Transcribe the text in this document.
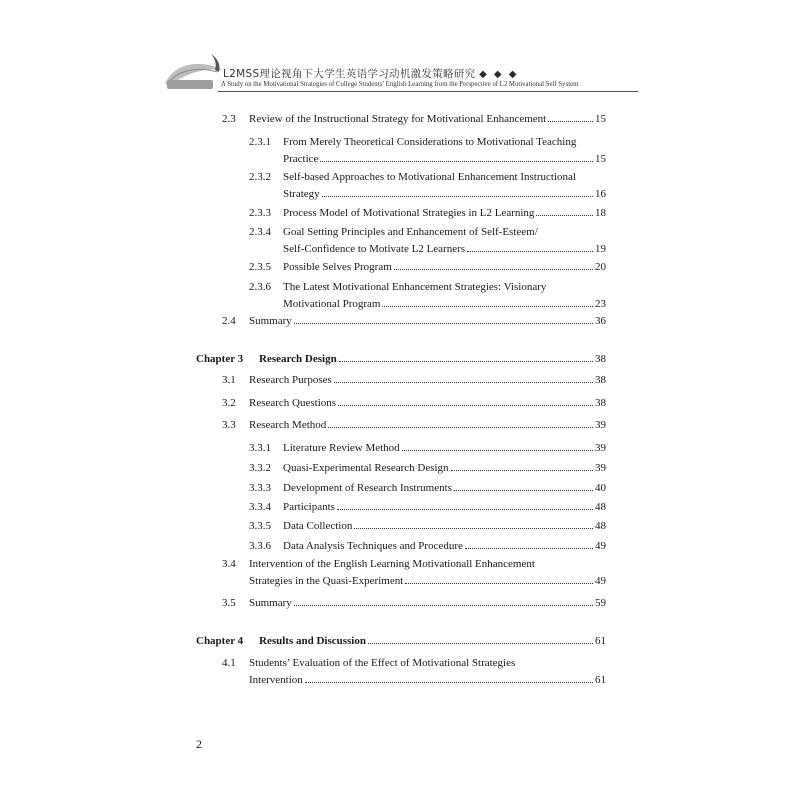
L2MSS理论视角下大学生英语学习动机激发策略研究 ◆ ◆ ◆
A Study on the Motivational Strategies of College Students’ English Learning from the Perspective of L2 Motivational Self System
2.3	Review of the Instructional Strategy for Motivational Enhancement	15
2.3.1	From Merely Theoretical Considerations to Motivational Teaching
Practice	15
2.3.2	Self-based Approaches to Motivational Enhancement Instructional
Strategy	16
2.3.3	Process Model of Motivational Strategies in L2 Learning	18
2.3.4	Goal Setting Principles and Enhancement of Self-Esteem/
Self-Confidence to Motivate L2 Learners	19
2.3.5	Possible Selves Program	20
2.3.6	The Latest Motivational Enhancement Strategies: Visionary
Motivational Program	23
2.4	Summary	36
Chapter 3	Research Design	38
3.1	Research Purposes	38
3.2	Research Questions	38
3.3	Research Method	39
3.3.1	Literature Review Method	39
3.3.2	Quasi-Experimental Research Design	39
3.3.3	Development of Research Instruments	40
3.3.4	Participants	48
3.3.5	Data Collection	48
3.3.6	Data Analysis Techniques and Procedure	49
3.4	Intervention of the English Learning Motivationall Enhancement
Strategies in the Quasi-Experiment	49
3.5	Summary	59
Chapter 4	Results and Discussion	61
4.1	Students’ Evaluation of the Effect of Motivational Strategies
Intervention	61
2
